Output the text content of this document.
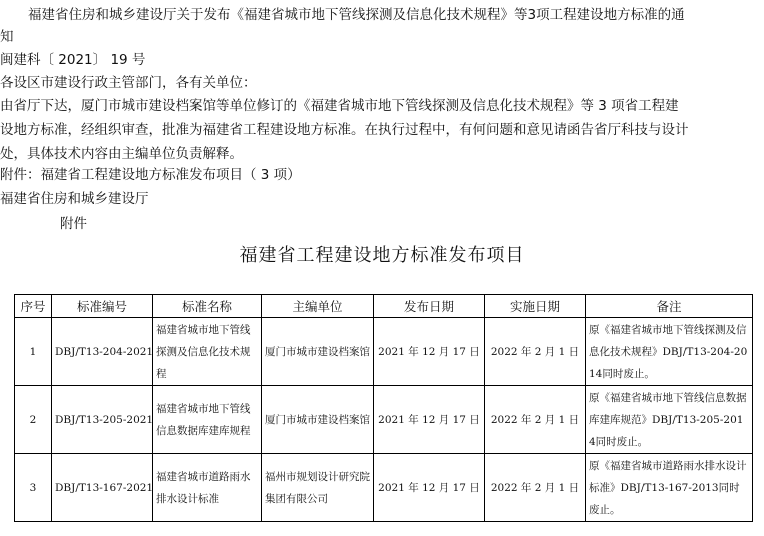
福建省住房和城乡建设厅关于发布《福建省城市地下管线探测及信息化技术规程》等3项工程建设地方标准的通
知
闽建科〔 2021〕 19 号
各设区市建设行政主管部门，各有关单位：
由省厅下达，厦门市城市建设档案馆等单位修订的《福建省城市地下管线探测及信息化技术规程》等 3 项省工程建
设地方标准，经组织审查，批准为福建省工程建设地方标准。在执行过程中，有何问题和意见请函告省厅科技与设计
处，具体技术内容由主编单位负责解释。
附件：福建省工程建设地方标准发布项目（ 3 项）
福建省住房和城乡建设厅
附件
福建省工程建设地方标准发布项目
序号	标准编号	标准名称	主编单位	发布日期	实施日期	备注
1	DBJ/T13-204-2021	福建省城市地下管线探测及信息化技术规程	厦门市城市建设档案馆	2021 年 12 月 17 日	2022 年 2 月 1 日	原《福建省城市地下管线探测及信息化技术规程》DBJ/T13-204-2014同时废止。
2	DBJ/T13-205-2021	福建省城市地下管线信息数据库建库规程	厦门市城市建设档案馆	2021 年 12 月 17 日	2022 年 2 月 1 日	原《福建省城市地下管线信息数据库建库规范》DBJ/T13-205-2014同时废止。
3	DBJ/T13-167-2021	福建省城市道路雨水排水设计标准	福州市规划设计研究院集团有限公司	2021 年 12 月 17 日	2022 年 2 月 1 日	原《福建省城市道路雨水排水设计标准》DBJ/T13-167-2013同时废止。
